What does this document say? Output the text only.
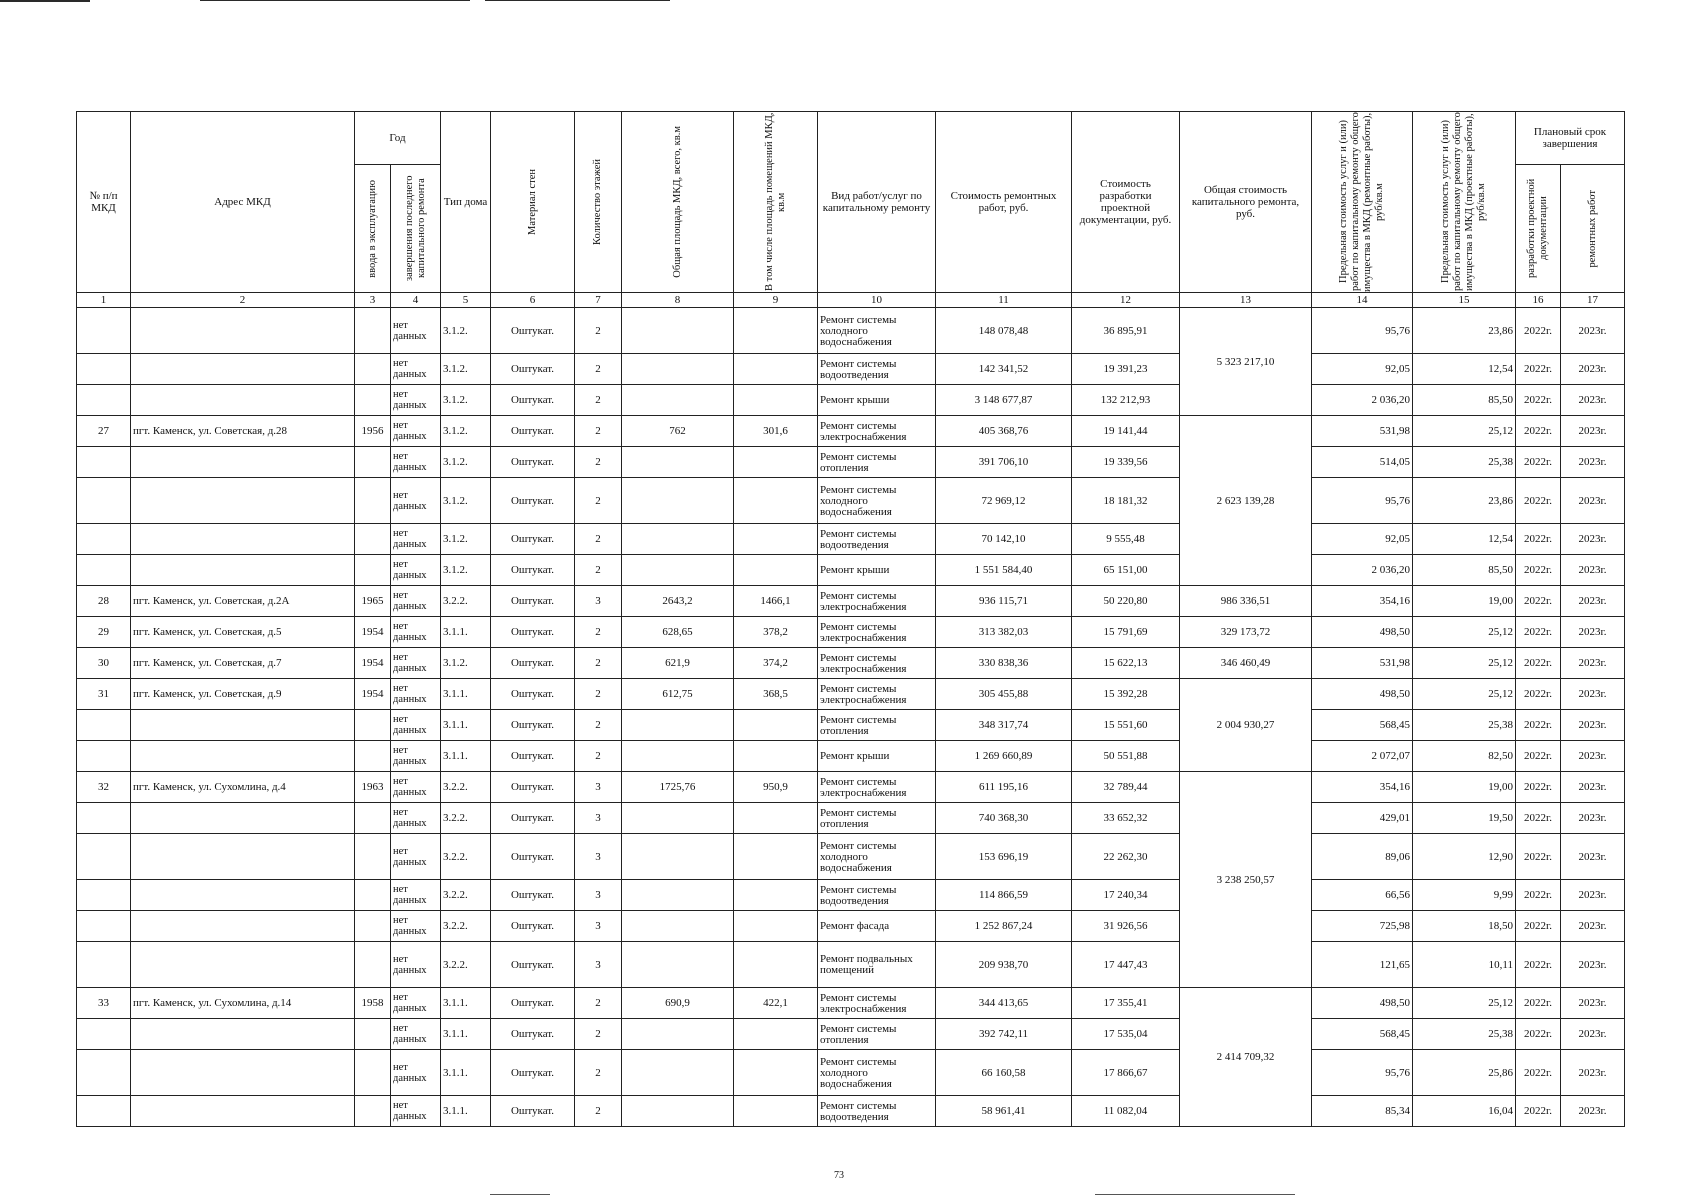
№ п/п МКД	Адрес МКД	Год		Тип дома	Материал стен	Количество этажей	Общая площадь МКД, всего, кв.м	В том числе площадь помещений МКД, кв.м	Вид работ/услуг по капитальному ремонту	Стоимость ремонтных работ, руб.	Стоимость разработки проектной документации, руб.	Общая стоимость капитального ремонта, руб.	Предельная стоимость услуг и (или) работ по капитальному ремонту общего имущества в МКД (ремонтные работы), руб/кв.м	Предельная стоимость услуг и (или) работ по капитальному ремонту общего имущества в МКД (проектные работы), руб/кв.м	Плановый срок завершения	

		ввода в эксплуатацию	завершения последнего капитального ремонта												разработки проектной документации	ремонтных работ

1	2	3	4	5	6	7	8	9	10	11	12	13	14	15	16	17
			нет данных	3.1.2.	Оштукат.	2			Ремонт системы холодного водоснабжения	148 078,48	36 895,91	5 323 217,10	95,76	23,86	2022г.	2023г.
			нет данных	3.1.2.	Оштукат.	2			Ремонт системы водоотведения	142 341,52	19 391,23		92,05	12,54	2022г.	2023г.
			нет данных	3.1.2.	Оштукат.	2			Ремонт крыши	3 148 677,87	132 212,93		2 036,20	85,50	2022г.	2023г.
27	пгт. Каменск, ул. Советская, д.28	1956	нет данных	3.1.2.	Оштукат.	2	762	301,6	Ремонт системы электроснабжения	405 368,76	19 141,44	2 623 139,28	531,98	25,12	2022г.	2023г.
			нет данных	3.1.2.	Оштукат.	2			Ремонт системы отопления	391 706,10	19 339,56		514,05	25,38	2022г.	2023г.
			нет данных	3.1.2.	Оштукат.	2			Ремонт системы холодного водоснабжения	72 969,12	18 181,32		95,76	23,86	2022г.	2023г.
			нет данных	3.1.2.	Оштукат.	2			Ремонт системы водоотведения	70 142,10	9 555,48		92,05	12,54	2022г.	2023г.
			нет данных	3.1.2.	Оштукат.	2			Ремонт крыши	1 551 584,40	65 151,00		2 036,20	85,50	2022г.	2023г.
28	пгт. Каменск, ул. Советская, д.2А	1965	нет данных	3.2.2.	Оштукат.	3	2643,2	1466,1	Ремонт системы электроснабжения	936 115,71	50 220,80	986 336,51	354,16	19,00	2022г.	2023г.
29	пгт. Каменск, ул. Советская, д.5	1954	нет данных	3.1.1.	Оштукат.	2	628,65	378,2	Ремонт системы электроснабжения	313 382,03	15 791,69	329 173,72	498,50	25,12	2022г.	2023г.
30	пгт. Каменск, ул. Советская, д.7	1954	нет данных	3.1.2.	Оштукат.	2	621,9	374,2	Ремонт системы электроснабжения	330 838,36	15 622,13	346 460,49	531,98	25,12	2022г.	2023г.
31	пгт. Каменск, ул. Советская, д.9	1954	нет данных	3.1.1.	Оштукат.	2	612,75	368,5	Ремонт системы электроснабжения	305 455,88	15 392,28	2 004 930,27	498,50	25,12	2022г.	2023г.
			нет данных	3.1.1.	Оштукат.	2			Ремонт системы отопления	348 317,74	15 551,60		568,45	25,38	2022г.	2023г.
			нет данных	3.1.1.	Оштукат.	2			Ремонт крыши	1 269 660,89	50 551,88		2 072,07	82,50	2022г.	2023г.
32	пгт. Каменск, ул. Сухомлина, д.4	1963	нет данных	3.2.2.	Оштукат.	3	1725,76	950,9	Ремонт системы электроснабжения	611 195,16	32 789,44	3 238 250,57	354,16	19,00	2022г.	2023г.
			нет данных	3.2.2.	Оштукат.	3			Ремонт системы отопления	740 368,30	33 652,32		429,01	19,50	2022г.	2023г.
			нет данных	3.2.2.	Оштукат.	3			Ремонт системы холодного водоснабжения	153 696,19	22 262,30		89,06	12,90	2022г.	2023г.
			нет данных	3.2.2.	Оштукат.	3			Ремонт системы водоотведения	114 866,59	17 240,34		66,56	9,99	2022г.	2023г.
			нет данных	3.2.2.	Оштукат.	3			Ремонт фасада	1 252 867,24	31 926,56		725,98	18,50	2022г.	2023г.
			нет данных	3.2.2.	Оштукат.	3			Ремонт подвальных помещений	209 938,70	17 447,43		121,65	10,11	2022г.	2023г.
33	пгт. Каменск, ул. Сухомлина, д.14	1958	нет данных	3.1.1.	Оштукат.	2	690,9	422,1	Ремонт системы электроснабжения	344 413,65	17 355,41	2 414 709,32	498,50	25,12	2022г.	2023г.
			нет данных	3.1.1.	Оштукат.	2			Ремонт системы отопления	392 742,11	17 535,04		568,45	25,38	2022г.	2023г.
			нет данных	3.1.1.	Оштукат.	2			Ремонт системы холодного водоснабжения	66 160,58	17 866,67		95,76	25,86	2022г.	2023г.
			нет данных	3.1.1.	Оштукат.	2			Ремонт системы водоотведения	58 961,41	11 082,04		85,34	16,04	2022г.	2023г.
73
